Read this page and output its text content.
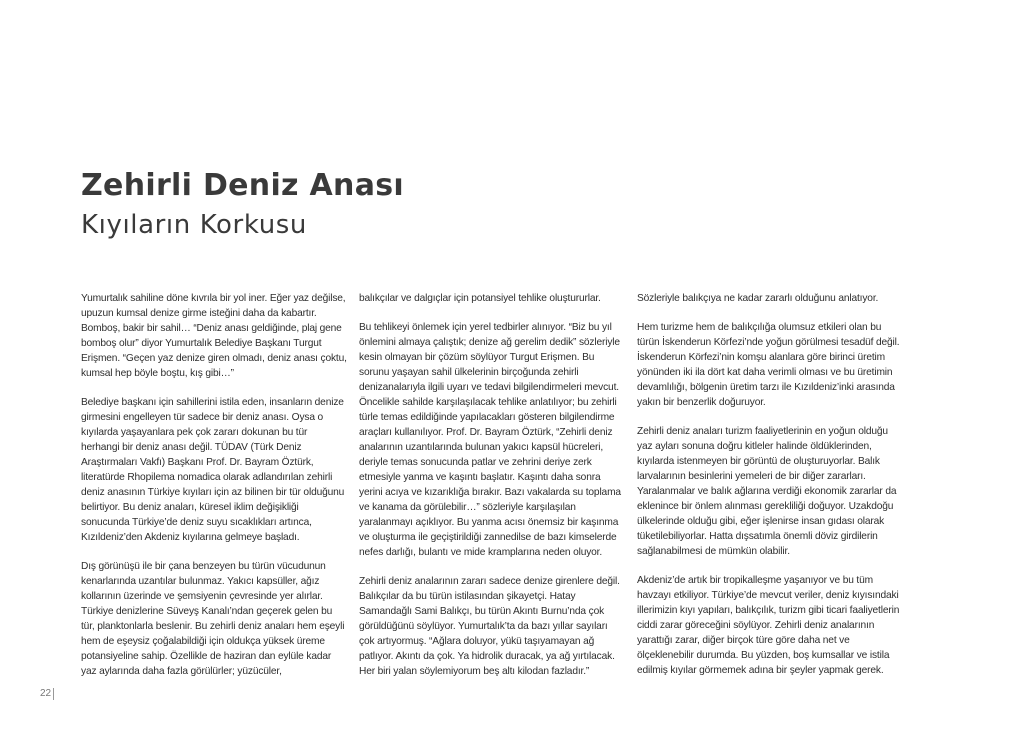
Zehirli Deniz Anası
Kıyıların Korkusu

Yumurtalık sahiline döne kıvrıla bir yol iner. Eğer yaz değilse, upuzun kumsal denize girme isteğini daha da kabartır. Bomboş, bakir bir sahil… “Deniz anası geldiğinde, plaj gene bomboş olur” diyor Yumurtalık Belediye Başkanı Turgut Erişmen. “Geçen yaz denize giren olmadı, deniz anası çoktu, kumsal hep böyle boştu, kış gibi…”

Belediye başkanı için sahillerini istila eden, insanların denize girmesini engelleyen tür sadece bir deniz anası. Oysa o kıyılarda yaşayanlara pek çok zararı dokunan bu tür herhangi bir deniz anası değil. TÜDAV (Türk Deniz Araştırmaları Vakfı) Başkanı Prof. Dr. Bayram Öztürk, literatürde Rhopilema nomadica olarak adlandırılan zehirli deniz anasının Türkiye kıyıları için az bilinen bir tür olduğunu belirtiyor. Bu deniz anaları, küresel iklim değişikliği sonucunda Türkiye’de deniz suyu sıcaklıkları artınca, Kızıldeniz’den Akdeniz kıyılarına gelmeye başladı.

Dış görünüşü ile bir çana benzeyen bu türün vücudunun kenarlarında uzantılar bulunmaz. Yakıcı kapsüller, ağız kollarının üzerinde ve şemsiyenin çevresinde yer alırlar. Türkiye denizlerine Süveyş Kanalı’ndan geçerek gelen bu tür, planktonlarla beslenir. Bu zehirli deniz anaları hem eşeyli hem de eşeysiz çoğalabildiği için oldukça yüksek üreme potansiyeline sahip. Özellikle de haziran dan eylüle kadar yaz aylarında daha fazla görülürler; yüzücüler,

balıkçılar ve dalgıçlar için potansiyel tehlike oluştururlar.

Bu tehlikeyi önlemek için yerel tedbirler alınıyor. “Biz bu yıl önlemini almaya çalıştık; denize ağ gerelim dedik” sözleriyle kesin olmayan bir çözüm söylüyor Turgut Erişmen. Bu sorunu yaşayan sahil ülkelerinin birçoğunda zehirli denizanalarıyla ilgili uyarı ve tedavi bilgilendirmeleri mevcut. Öncelikle sahilde karşılaşılacak tehlike anlatılıyor; bu zehirli türle temas edildiğinde yapılacakları gösteren bilgilendirme araçları kullanılıyor. Prof. Dr. Bayram Öztürk, “Zehirli deniz analarının uzantılarında bulunan yakıcı kapsül hücreleri, deriyle temas sonucunda patlar ve zehrini deriye zerk etmesiyle yanma ve kaşıntı başlatır. Kaşıntı daha sonra yerini acıya ve kızarıklığa bırakır. Bazı vakalarda su toplama ve kanama da görülebilir…” sözleriyle karşılaşılan yaralanmayı açıklıyor. Bu yanma acısı önemsiz bir kaşınma ve oluşturma ile geçiştirildiği zannedilse de bazı kimselerde nefes darlığı, bulantı ve mide kramplarına neden oluyor.

Zehirli deniz analarının zararı sadece denize girenlere değil. Balıkçılar da bu türün istilasından şikayetçi. Hatay Samandağlı Sami Balıkçı, bu türün Akıntı Burnu’nda çok görüldüğünü söylüyor. Yumurtalık’ta da bazı yıllar sayıları çok artıyormuş. “Ağlara doluyor, yükü taşıyamayan ağ patlıyor. Akıntı da çok. Ya hidrolik duracak, ya ağ yırtılacak. Her biri yalan söylemiyorum beş altı kilodan fazladır.”

Sözleriyle balıkçıya ne kadar zararlı olduğunu anlatıyor.

Hem turizme hem de balıkçılığa olumsuz etkileri olan bu türün İskenderun Körfezi’nde yoğun görülmesi tesadüf değil. İskenderun Körfezi’nin komşu alanlara göre birinci üretim yönünden iki ila dört kat daha verimli olması ve bu üretimin devamlılığı, bölgenin üretim tarzı ile Kızıldeniz’inki arasında yakın bir benzerlik doğuruyor.

Zehirli deniz anaları turizm faaliyetlerinin en yoğun olduğu yaz ayları sonuna doğru kitleler halinde öldüklerinden, kıyılarda istenmeyen bir görüntü de oluşturuyorlar. Balık larvalarının besinlerini yemeleri de bir diğer zararları. Yaralanmalar ve balık ağlarına verdiği ekonomik zararlar da eklenince bir önlem alınması gerekliliği doğuyor. Uzakdoğu ülkelerinde olduğu gibi, eğer işlenirse insan gıdası olarak tüketilebiliyorlar. Hatta dışsatımla önemli döviz girdilerin sağlanabilmesi de mümkün olabilir.

Akdeniz’de artık bir tropikalleşme yaşanıyor ve bu tüm havzayı etkiliyor. Türkiye’de mevcut veriler, deniz kıyısındaki illerimizin kıyı yapıları, balıkçılık, turizm gibi ticari faaliyetlerin ciddi zarar göreceğini söylüyor. Zehirli deniz analarının yarattığı zarar, diğer birçok türe göre daha net ve ölçeklenebilir durumda. Bu yüzden, boş kumsallar ve istila edilmiş kıyılar görmemek adına bir şeyler yapmak gerek.

22
